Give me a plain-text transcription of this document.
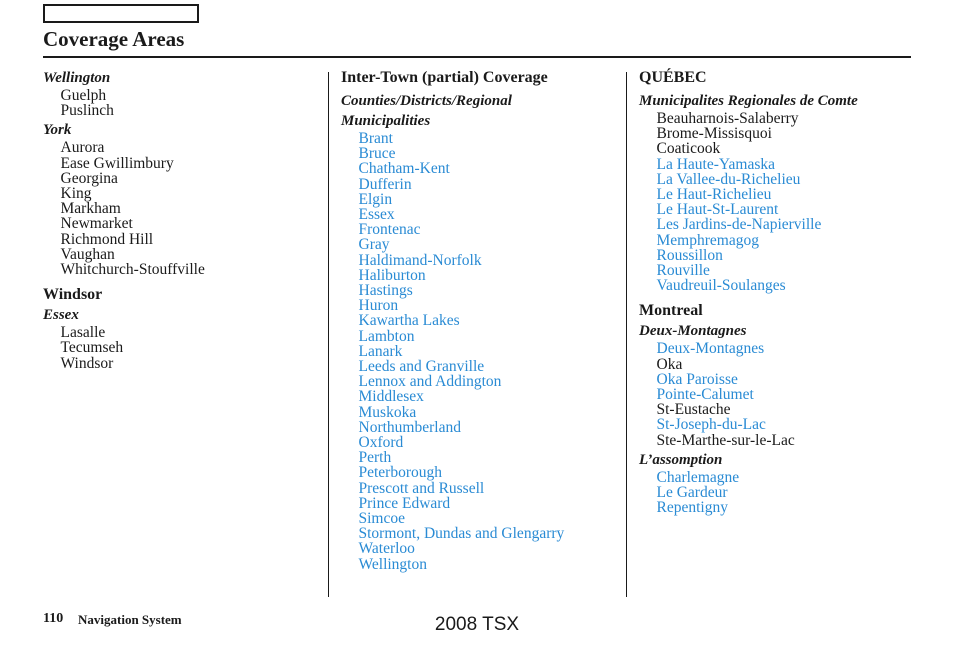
Coverage Areas
Wellington
Guelph
Puslinch
York
Aurora
Ease Gwillimbury
Georgina
King
Markham
Newmarket
Richmond Hill
Vaughan
Whitchurch-Stouffville
Windsor
Essex
Lasalle
Tecumseh
Windsor
Inter-Town (partial) Coverage
Counties/Districts/Regional
Municipalities
Brant
Bruce
Chatham-Kent
Dufferin
Elgin
Essex
Frontenac
Gray
Haldimand-Norfolk
Haliburton
Hastings
Huron
Kawartha Lakes
Lambton
Lanark
Leeds and Granville
Lennox and Addington
Middlesex
Muskoka
Northumberland
Oxford
Perth
Peterborough
Prescott and Russell
Prince Edward
Simcoe
Stormont, Dundas and Glengarry
Waterloo
Wellington
QUÉBEC
Municipalites Regionales de Comte
Beauharnois-Salaberry
Brome-Missisquoi
Coaticook
La Haute-Yamaska
La Vallee-du-Richelieu
Le Haut-Richelieu
Le Haut-St-Laurent
Les Jardins-de-Napierville
Memphremagog
Roussillon
Rouville
Vaudreuil-Soulanges
Montreal
Deux-Montagnes
Deux-Montagnes
Oka
Oka Paroisse
Pointe-Calumet
St-Eustache
St-Joseph-du-Lac
Ste-Marthe-sur-le-Lac
L’assomption
Charlemagne
Le Gardeur
Repentigny
110 Navigation System	2008 TSX
